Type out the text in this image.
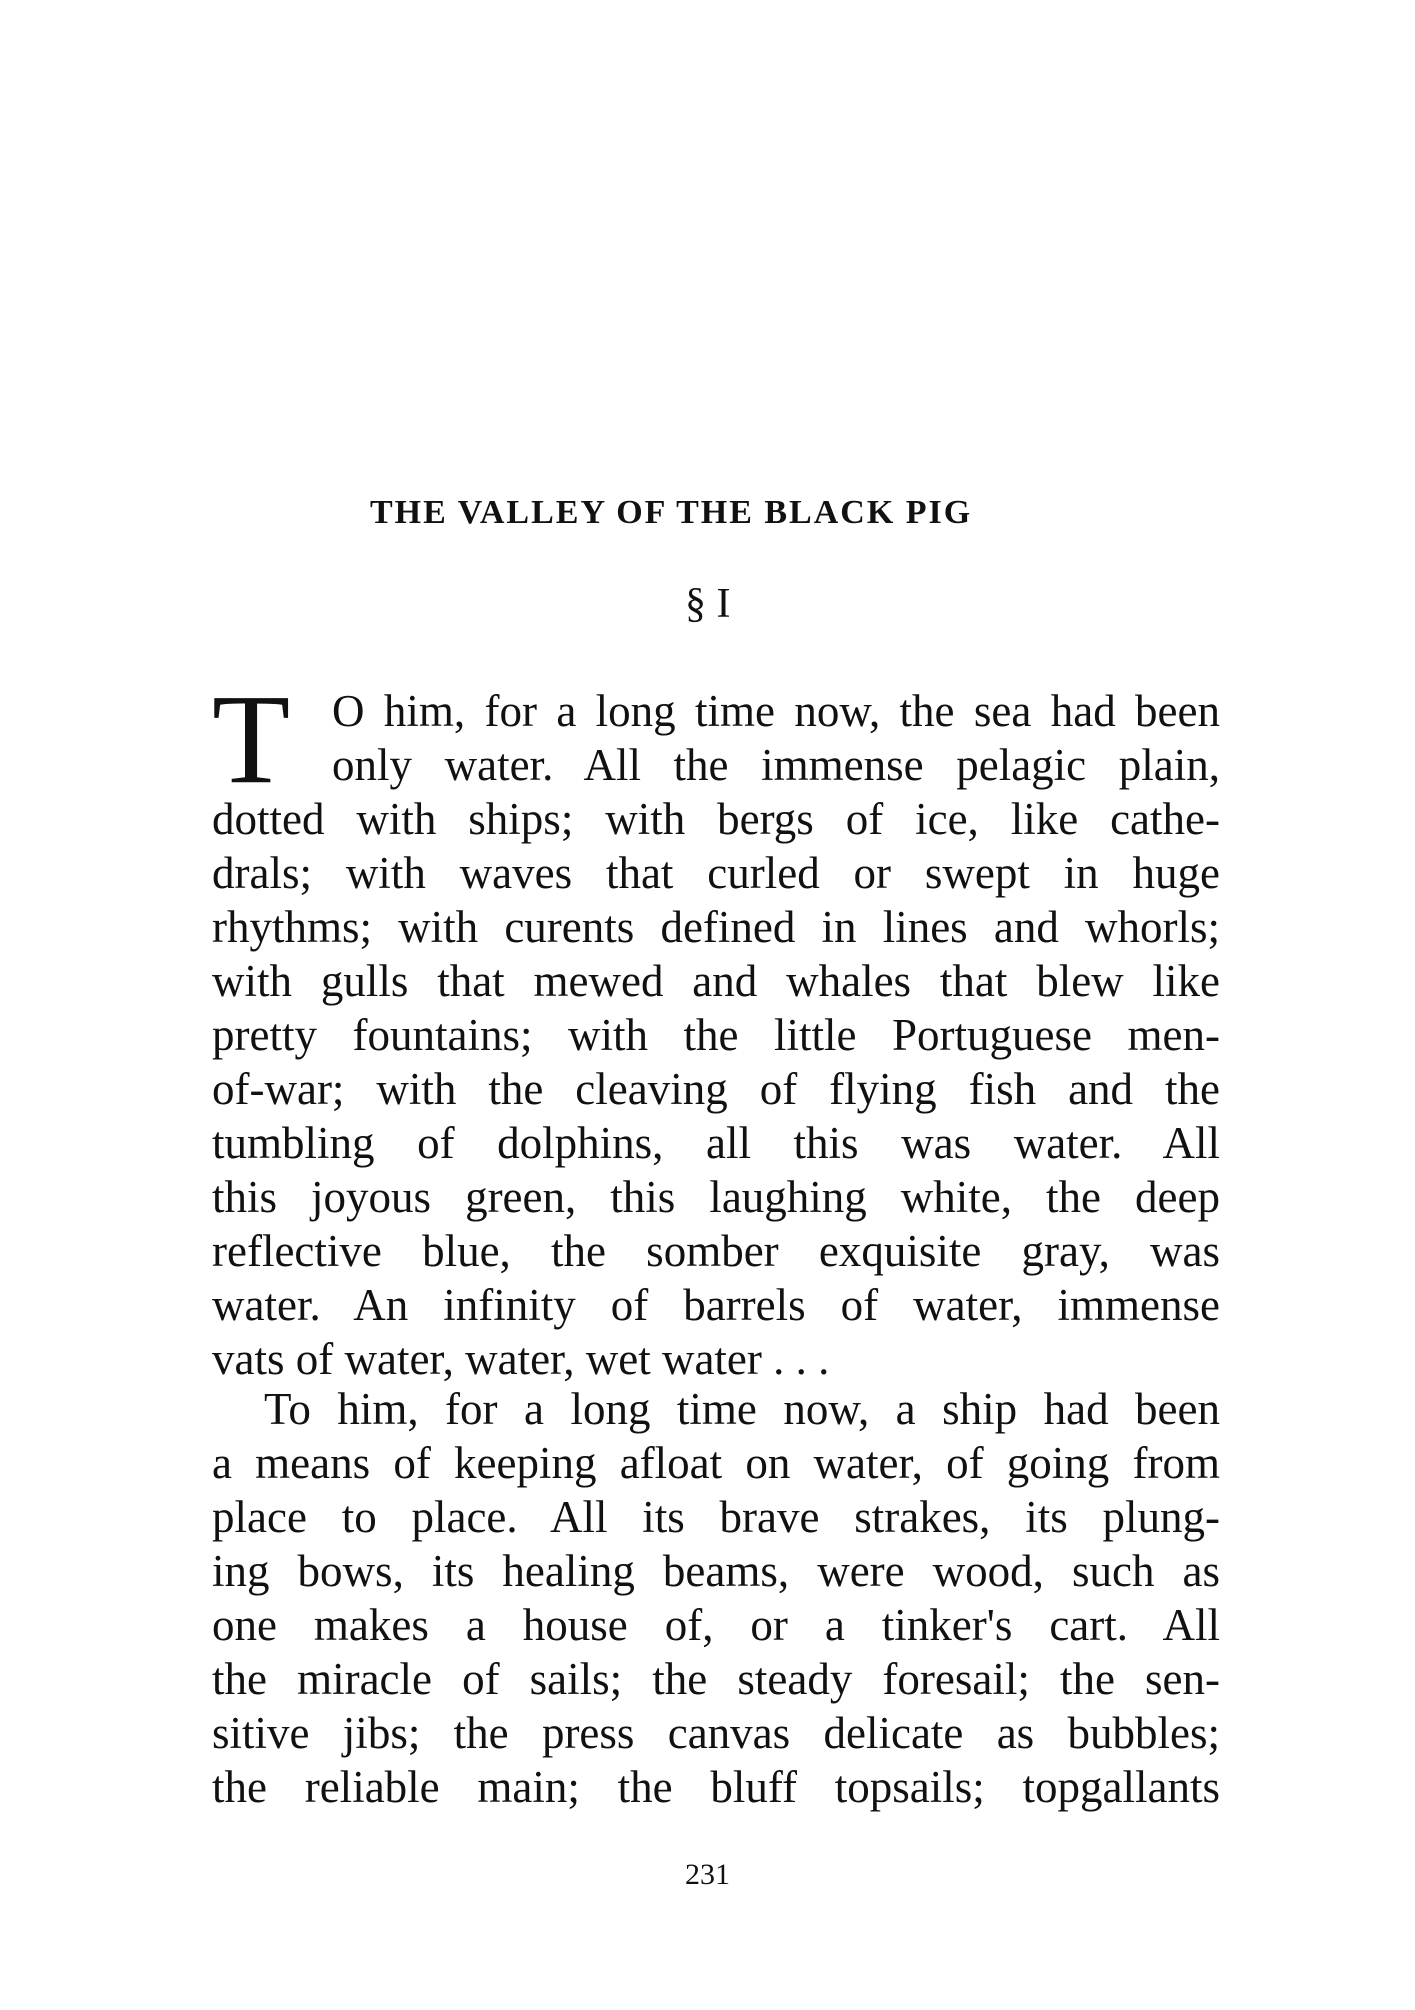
THE VALLEY OF THE BLACK PIG
§ I
T O him, for a long time now, the sea had been
only water. All the immense pelagic plain,
dotted with ships; with bergs of ice, like cathe-
drals; with waves that curled or swept in huge
rhythms; with curents defined in lines and whorls;
with gulls that mewed and whales that blew like
pretty fountains; with the little Portuguese men-
of-war; with the cleaving of flying fish and the
tumbling of dolphins, all this was water. All
this joyous green, this laughing white, the deep
reflective blue, the somber exquisite gray, was
water. An infinity of barrels of water, immense
vats of water, water, wet water . . .
To him, for a long time now, a ship had been
a means of keeping afloat on water, of going from
place to place. All its brave strakes, its plung-
ing bows, its healing beams, were wood, such as
one makes a house of, or a tinker's cart. All
the miracle of sails; the steady foresail; the sen-
sitive jibs; the press canvas delicate as bubbles;
the reliable main; the bluff topsails; topgallants
231
